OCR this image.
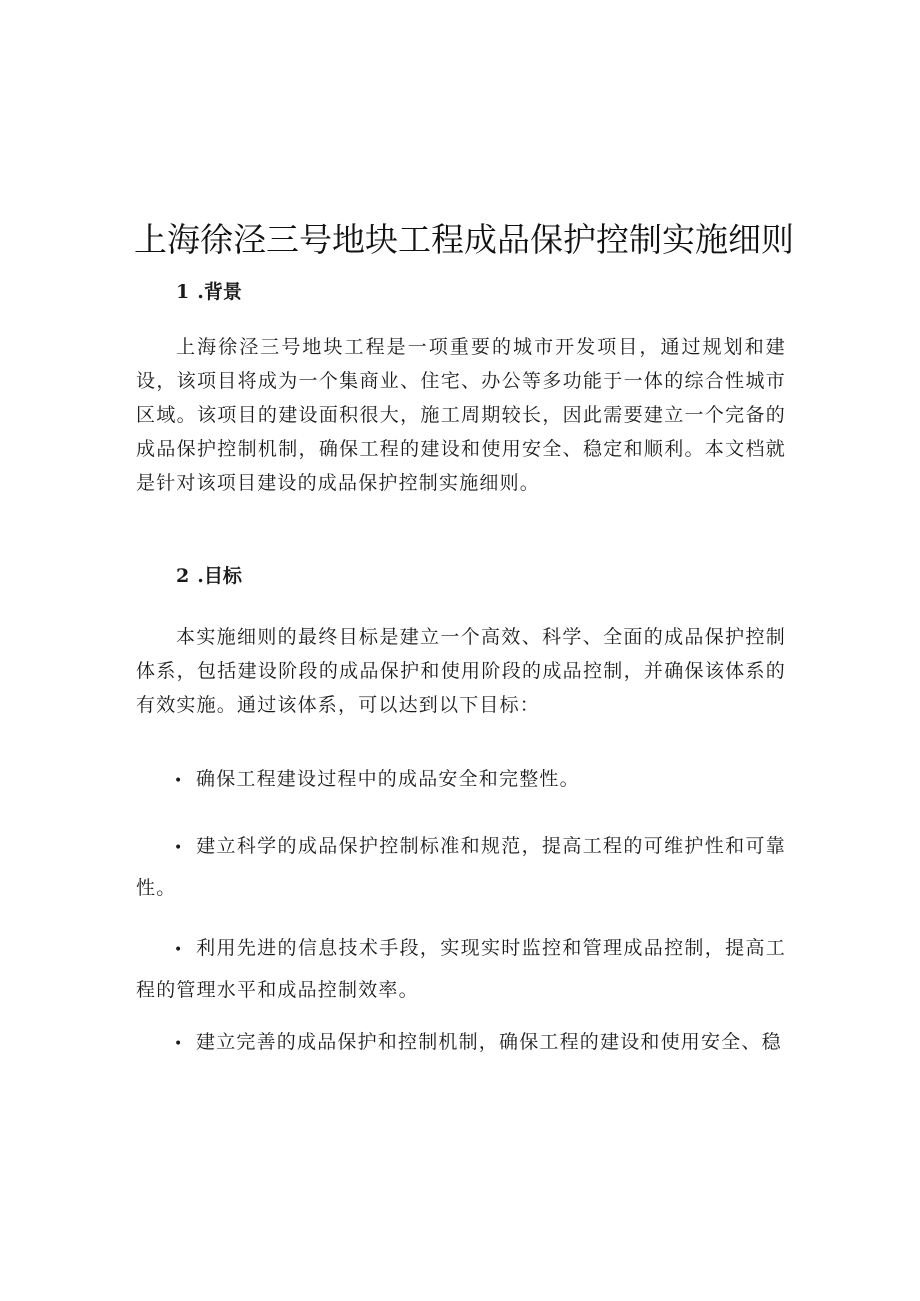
上海徐泾三号地块工程成品保护控制实施细则
1 .背景

上海徐泾三号地块工程是一项重要的城市开发项目，通过规划和建设，该项目将成为一个集商业、住宅、办公等多功能于一体的综合性城市区域。该项目的建设面积很大，施工周期较长，因此需要建立一个完备的成品保护控制机制，确保工程的建设和使用安全、稳定和顺利。本文档就是针对该项目建设的成品保护控制实施细则。

2 .目标

本实施细则的最终目标是建立一个高效、科学、全面的成品保护控制体系，包括建设阶段的成品保护和使用阶段的成品控制，并确保该体系的有效实施。通过该体系，可以达到以下目标：

• 确保工程建设过程中的成品安全和完整性。

• 建立科学的成品保护控制标准和规范，提高工程的可维护性和可靠性。

• 利用先进的信息技术手段，实现实时监控和管理成品控制，提高工程的管理水平和成品控制效率。

• 建立完善的成品保护和控制机制，确保工程的建设和使用安全、稳
